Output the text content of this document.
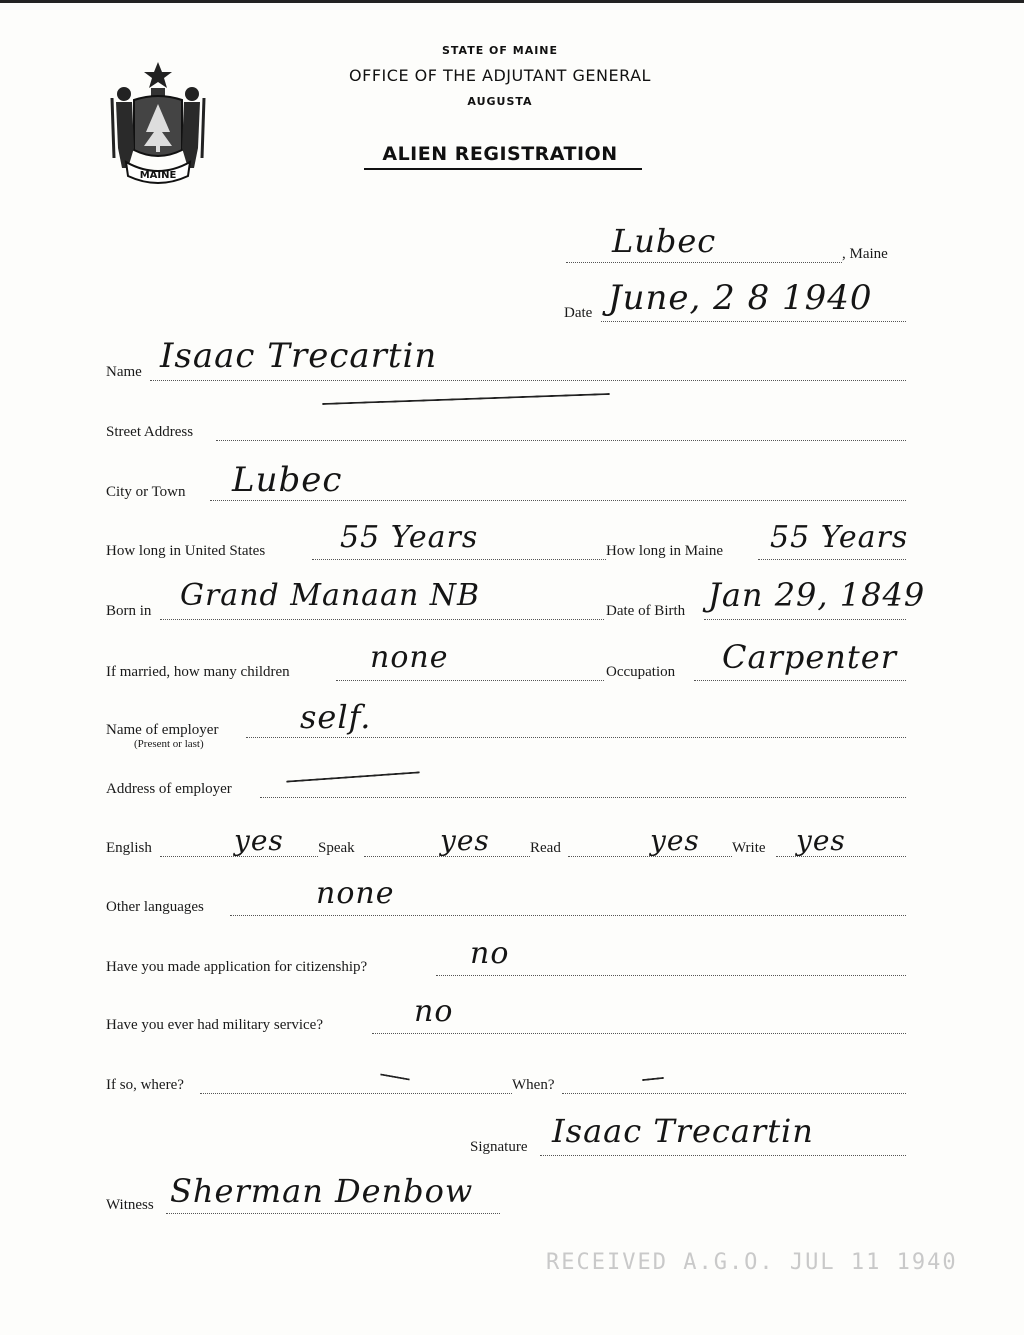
MAINE
STATE OF MAINE
OFFICE OF THE ADJUTANT GENERAL
AUGUSTA
ALIEN REGISTRATION
Lubec	, Maine
Date June, 2 8 1940
Name Isaac Trecartin
Street Address
City or Town Lubec
How long in United States 55 Years	How long in Maine 55 Years
Born in Grand Manaan NB	Date of Birth Jan 29, 1849
If married, how many children	none	Occupation Carpenter
Name of employer
(Present or last)
self.
Address of employer
English	yes Speak	yes	Read	yes Write yes
Other languages	none
Have you made application for citizenship?	no
Have you ever had military service?	no
If so, where?	When?
Signature Isaac Trecartin
Witness Sherman Denbow
RECEIVED A.G.O. JUL 11 1940
